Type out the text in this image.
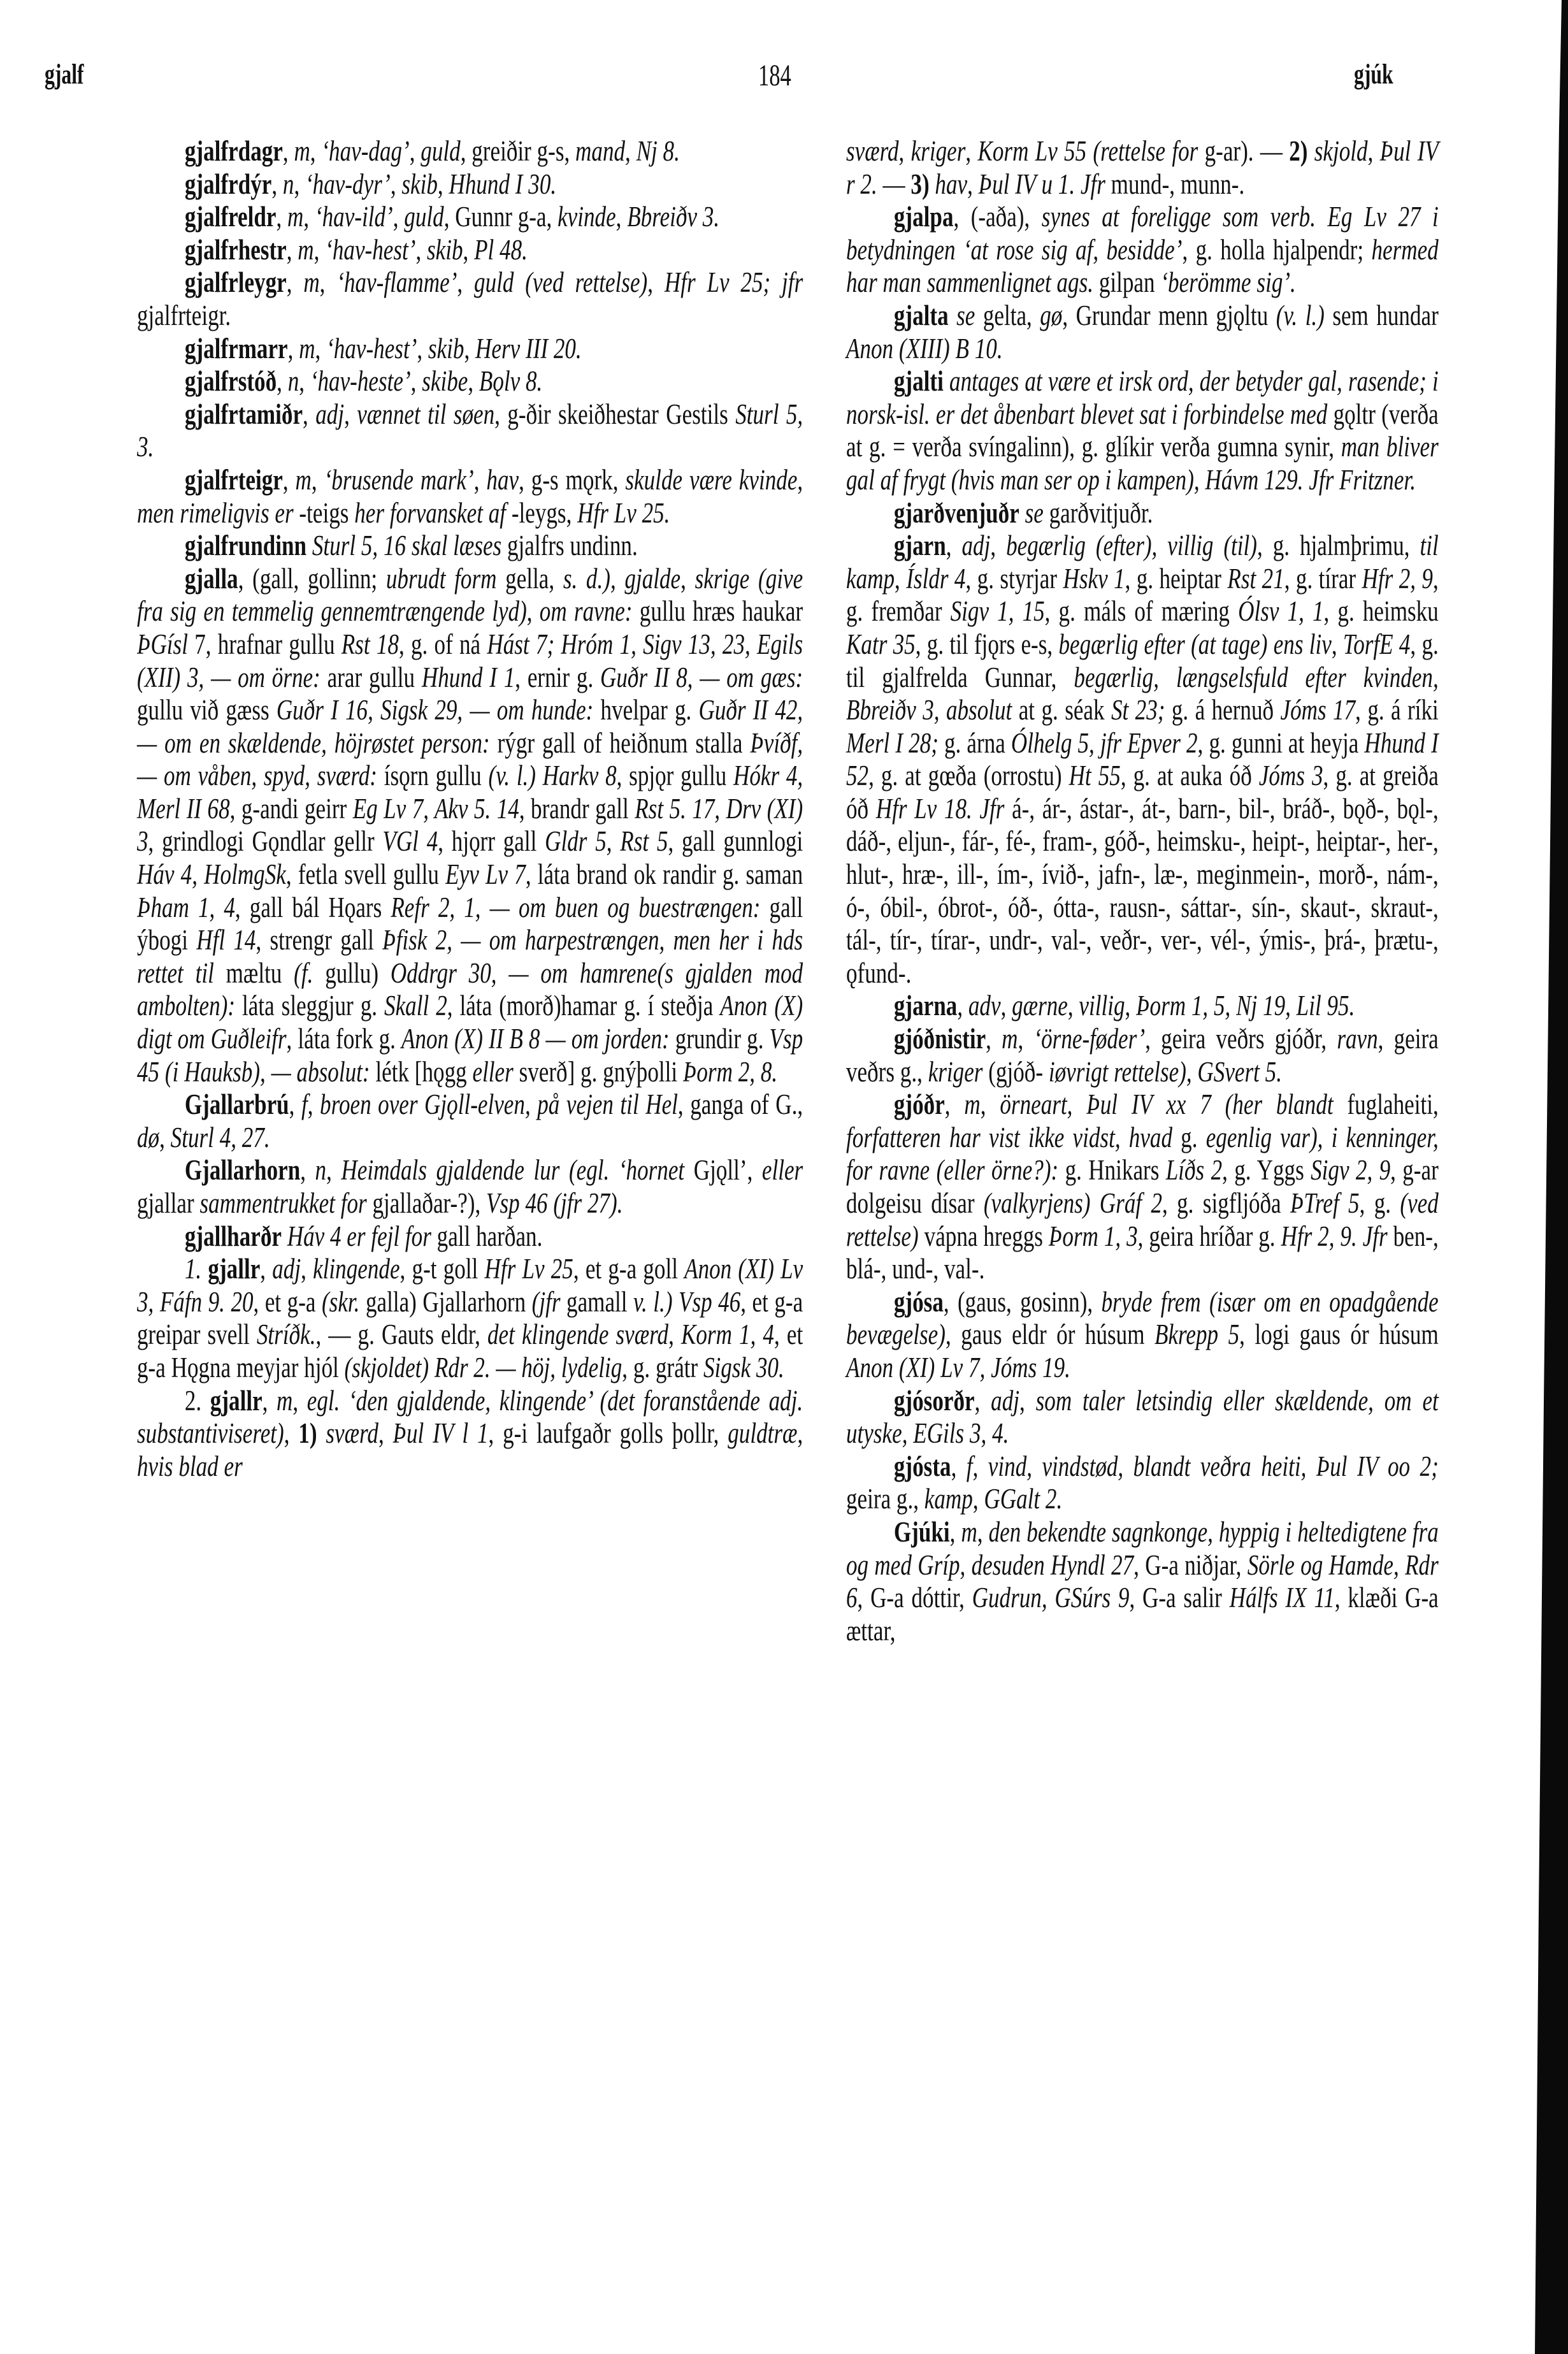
gjalf	184	gjúk

gjalfrdagr, m, ‘hav-dag’, guld, greiðir g-s, mand, Nj 8.

gjalfrdýr, n, ‘hav-dyr’, skib, Hhund I 30.

gjalfreldr, m, ‘hav-ild’, guld, Gunnr g-a, kvinde, Bbreiðv 3.

gjalfrhestr, m, ‘hav-hest’, skib, Pl 48.

gjalfrleygr, m, ‘hav-flamme’, guld (ved rettelse), Hfr Lv 25; jfr gjalfrteigr.

gjalfrmarr, m, ‘hav-hest’, skib, Herv III 20.

gjalfrstóð, n, ‘hav-heste’, skibe, Bǫlv 8.

gjalfrtamiðr, adj, vænnet til søen, g-ðir skeiðhestar Gestils Sturl 5, 3.

gjalfrteigr, m, ‘brusende mark’, hav, g-s mǫrk, skulde være kvinde, men rimeligvis er -teigs her forvansket af -leygs, Hfr Lv 25.

gjalfrundinn Sturl 5, 16 skal læses gjalfrs undinn.

gjalla, (gall, gollinn; ubrudt form gella, s. d.), gjalde, skrige (give fra sig en temmelig gennemtrængende lyd), om ravne: gullu hræs haukar ÞGísl 7, hrafnar gullu Rst 18, g. of ná Hást 7; Hróm 1, Sigv 13, 23, Egils (XII) 3, — om örne: arar gullu Hhund I 1, ernir g. Guðr II 8, — om gæs: gullu við gæss Guðr I 16, Sigsk 29, — om hunde: hvelpar g. Guðr II 42, — om en skældende, höjrøstet person: rýgr gall of heiðnum stalla Þvíðf, — om våben, spyd, sværd: ísǫrn gullu (v. l.) Harkv 8, spjǫr gullu Hókr 4, Merl II 68, g-andi geirr Eg Lv 7, Akv 5. 14, brandr gall Rst 5. 17, Drv (XI) 3, grindlogi Gǫndlar gellr VGl 4, hjǫrr gall Gldr 5, Rst 5, gall gunnlogi Háv 4, HolmgSk, fetla svell gullu Eyv Lv 7, láta brand ok randir g. saman Þham 1, 4, gall bál Hǫars Refr 2, 1, — om buen og buestrængen: gall ýbogi Hfl 14, strengr gall Þfisk 2, — om harpestrængen, men her i hds rettet til mæltu (f. gullu) Oddrgr 30, — om hamrene(s gjalden mod ambolten): láta sleggjur g. Skall 2, láta (morð)hamar g. í steðja Anon (X) digt om Guðleifr, láta fork g. Anon (X) II B 8 — om jorden: grundir g. Vsp 45 (i Hauksb), — absolut: létk [hǫgg eller sverð] g. gnýþolli Þorm 2, 8.

Gjallarbrú, f, broen over Gjǫll-elven, på vejen til Hel, ganga of G., dø, Sturl 4, 27.

Gjallarhorn, n, Heimdals gjaldende lur (egl. ‘hornet Gjǫll’, eller gjallar sammentrukket for gjallaðar-?), Vsp 46 (jfr 27).

gjallharðr Háv 4 er fejl for gall harðan.

1. gjallr, adj, klingende, g-t goll Hfr Lv 25, et g-a goll Anon (XI) Lv 3, Fáfn 9. 20, et g-a (skr. galla) Gjallarhorn (jfr gamall v. l.) Vsp 46, et g-a greipar svell Stríðk., — g. Gauts eldr, det klingende sværd, Korm 1, 4, et g-a Hǫgna meyjar hjól (skjoldet) Rdr 2. — höj, lydelig, g. grátr Sigsk 30.

2. gjallr, m, egl. ‘den gjaldende, klingende’ (det foranstående adj. substantiviseret), 1) sværd, Þul IV l 1, g-i laufgaðr golls þollr, guldtræ, hvis blad er

sværd, kriger, Korm Lv 55 (rettelse for g-ar). — 2) skjold, Þul IV r 2. — 3) hav, Þul IV u 1. Jfr mund-, munn-.

gjalpa, (-aða), synes at foreligge som verb. Eg Lv 27 i betydningen ‘at rose sig af, besidde’, g. holla hjalpendr; hermed har man sammenlignet ags. gilpan ‘berömme sig’.

gjalta se gelta, gø, Grundar menn gjǫltu (v. l.) sem hundar Anon (XIII) B 10.

gjalti antages at være et irsk ord, der betyder gal, rasende; i norsk-isl. er det åbenbart blevet sat i forbindelse med gǫltr (verða at g. = verða svíngalinn), g. glíkir verða gumna synir, man bliver gal af frygt (hvis man ser op i kampen), Hávm 129. Jfr Fritzner.

gjarðvenjuðr se garðvitjuðr.

gjarn, adj, begærlig (efter), villig (til), g. hjalmþrimu, til kamp, Ísldr 4, g. styrjar Hskv 1, g. heiptar Rst 21, g. tírar Hfr 2, 9, g. fremðar Sigv 1, 15, g. máls of mæring Ólsv 1, 1, g. heimsku Katr 35, g. til fjǫrs e-s, begærlig efter (at tage) ens liv, TorfE 4, g. til gjalfrelda Gunnar, begærlig, længselsfuld efter kvinden, Bbreiðv 3, absolut at g. séak St 23; g. á hernuð Jóms 17, g. á ríki Merl I 28; g. árna Ólhelg 5, jfr Epver 2, g. gunni at heyja Hhund I 52, g. at gœða (orrostu) Ht 55, g. at auka óð Jóms 3, g. at greiða óð Hfr Lv 18. Jfr á-, ár-, ástar-, át-, barn-, bil-, bráð-, bǫð-, bǫl-, dáð-, eljun-, fár-, fé-, fram-, góð-, heimsku-, heipt-, heiptar-, her-, hlut-, hræ-, ill-, ím-, ívið-, jafn-, læ-, meginmein-, morð-, nám-, ó-, óbil-, óbrot-, óð-, ótta-, rausn-, sáttar-, sín-, skaut-, skraut-, tál-, tír-, tírar-, undr-, val-, veðr-, ver-, vél-, ýmis-, þrá-, þrætu-, ǫfund-.

gjarna, adv, gærne, villig, Þorm 1, 5, Nj 19, Lil 95.

gjóðnistir, m, ‘örne-føder’, geira veðrs gjóðr, ravn, geira veðrs g., kriger (gjóð- iøvrigt rettelse), GSvert 5.

gjóðr, m, örneart, Þul IV xx 7 (her blandt fuglaheiti, forfatteren har vist ikke vidst, hvad g. egenlig var), i kenninger, for ravne (eller örne?): g. Hnikars Líðs 2, g. Yggs Sigv 2, 9, g-ar dolgeisu dísar (valkyrjens) Gráf 2, g. sigfljóða ÞTref 5, g. (ved rettelse) vápna hreggs Þorm 1, 3, geira hríðar g. Hfr 2, 9. Jfr ben-, blá-, und-, val-.

gjósa, (gaus, gosinn), bryde frem (især om en opadgående bevægelse), gaus eldr ór húsum Bkrepp 5, logi gaus ór húsum Anon (XI) Lv 7, Jóms 19.

gjósorðr, adj, som taler letsindig eller skældende, om et utyske, EGils 3, 4.

gjósta, f, vind, vindstød, blandt veðra heiti, Þul IV oo 2; geira g., kamp, GGalt 2.

Gjúki, m, den bekendte sagnkonge, hyppig i heltedigtene fra og med Gríp, desuden Hyndl 27, G-a niðjar, Sörle og Hamde, Rdr 6, G-a dóttir, Gudrun, GSúrs 9, G-a salir Hálfs IX 11, klæði G-a ættar,
